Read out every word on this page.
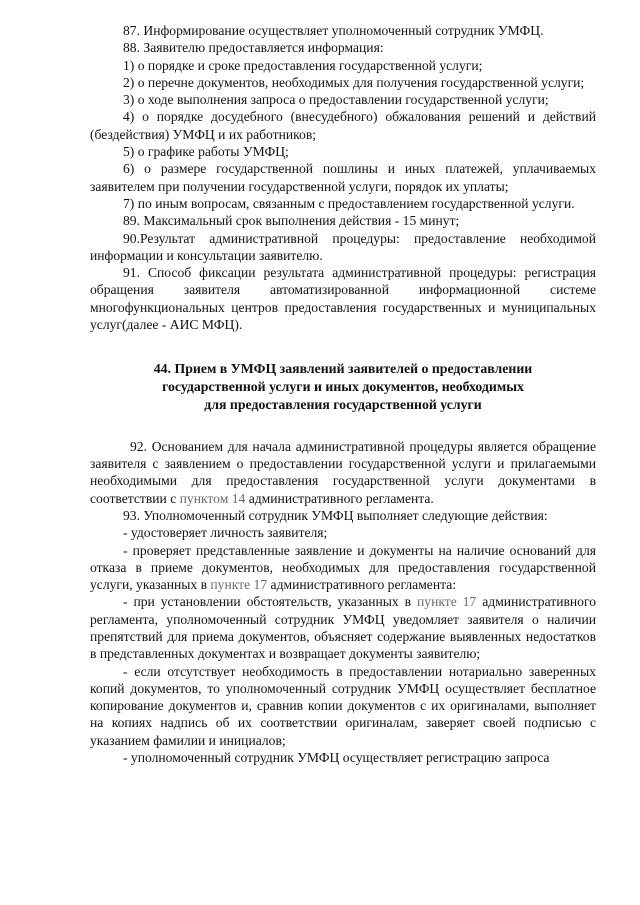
87. Информирование осуществляет уполномоченный сотрудник УМФЦ.

88. Заявителю предоставляется информация:

1) о порядке и сроке предоставления государственной услуги;

2) о перечне документов, необходимых для получения государственной услуги;

3) о ходе выполнения запроса о предоставлении государственной услуги;

4) о порядке досудебного (внесудебного) обжалования решений и действий (бездействия) УМФЦ и их работников;

5) о графике работы УМФЦ;

6) о размере государственной пошлины и иных платежей, уплачиваемых заявителем при получении государственной услуги, порядок их уплаты;

7) по иным вопросам, связанным с предоставлением государственной услуги.

89. Максимальный срок выполнения действия - 15 минут;

90.Результат административной процедуры: предоставление необходимой информации и консультации заявителю.

91. Способ фиксации результата административной процедуры: регистрация обращения заявителя автоматизированной информационной системе многофункциональных центров предоставления государственных и муниципальных услуг(далее - АИС МФЦ).

44. Прием в УМФЦ заявлений заявителей о предоставлении
государственной услуги и иных документов, необходимых
для предоставления государственной услуги

92. Основанием для начала административной процедуры является обращение заявителя с заявлением о предоставлении государственной услуги и прилагаемыми необходимыми для предоставления государственной услуги документами в соответствии с пунктом 14 административного регламента.

93. Уполномоченный сотрудник УМФЦ выполняет следующие действия:

- удостоверяет личность заявителя;

- проверяет представленные заявление и документы на наличие оснований для отказа в приеме документов, необходимых для предоставления государственной услуги, указанных в пункте 17 административного регламента:

- при установлении обстоятельств, указанных в пункте 17 административного регламента, уполномоченный сотрудник УМФЦ уведомляет заявителя о наличии препятствий для приема документов, объясняет содержание выявленных недостатков в представленных документах и возвращает документы заявителю;

- если отсутствует необходимость в предоставлении нотариально заверенных копий документов, то уполномоченный сотрудник УМФЦ осуществляет бесплатное копирование документов и, сравнив копии документов с их оригиналами, выполняет на копиях надпись об их соответствии оригиналам, заверяет своей подписью с указанием фамилии и инициалов;

- уполномоченный сотрудник УМФЦ осуществляет регистрацию запроса
